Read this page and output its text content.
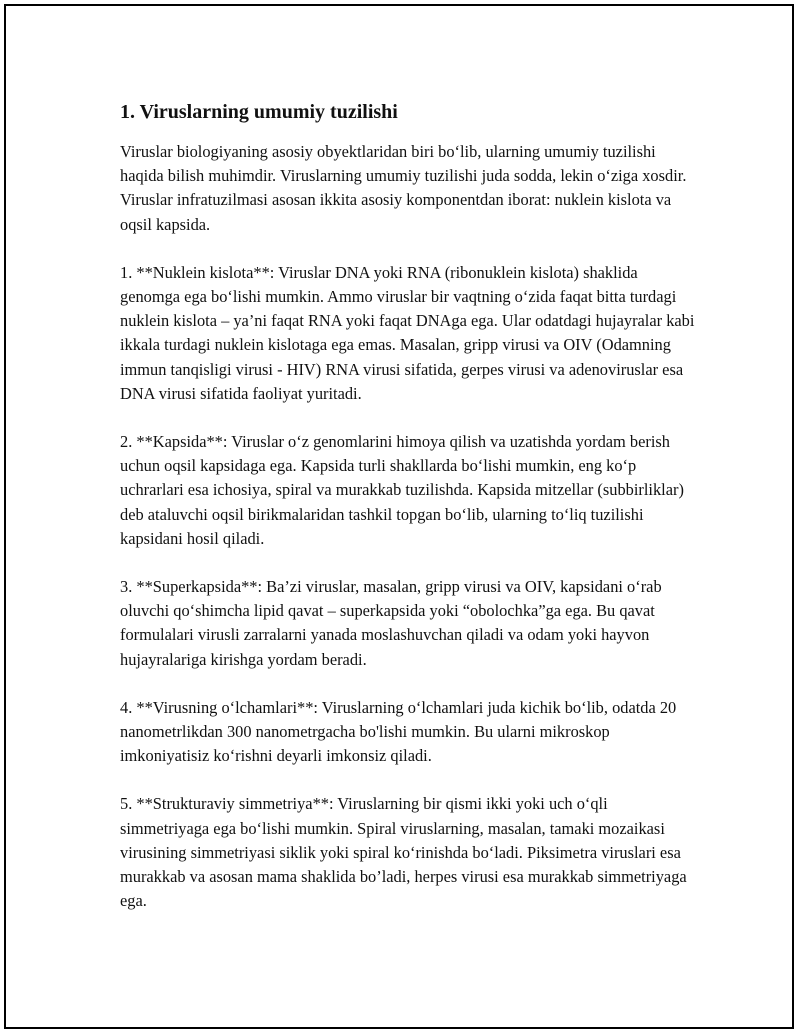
1. Viruslarning umumiy tuzilishi

Viruslar biologiyaning asosiy obyektlaridan biri boʻlib, ularning umumiy tuzilishi haqida bilish muhimdir. Viruslarning umumiy tuzilishi juda sodda, lekin oʻziga xosdir. Viruslar infratuzilmasi asosan ikkita asosiy komponentdan iborat: nuklein kislota va oqsil kapsida.

1. **Nuklein kislota**: Viruslar DNA yoki RNA (ribonuklein kislota) shaklida genomga ega boʻlishi mumkin. Ammo viruslar bir vaqtning oʻzida faqat bitta turdagi nuklein kislota – ya’ni faqat RNA yoki faqat DNAga ega. Ular odatdagi hujayralar kabi ikkala turdagi nuklein kislotaga ega emas. Masalan, gripp virusi va OIV (Odamning immun tanqisligi virusi - HIV) RNA virusi sifatida, gerpes virusi va adenoviruslar esa DNA virusi sifatida faoliyat yuritadi.

2. **Kapsida**: Viruslar oʻz genomlarini himoya qilish va uzatishda yordam berish uchun oqsil kapsidaga ega. Kapsida turli shakllarda boʻlishi mumkin, eng koʻp uchrarlari esa ichosiya, spiral va murakkab tuzilishda. Kapsida mitzellar (subbirliklar) deb ataluvchi oqsil birikmalaridan tashkil topgan boʻlib, ularning toʻliq tuzilishi kapsidani hosil qiladi.

3. **Superkapsida**: Ba’zi viruslar, masalan, gripp virusi va OIV, kapsidani oʻrab oluvchi qoʻshimcha lipid qavat – superkapsida yoki “obolochka”ga ega. Bu qavat formulalari virusli zarralarni yanada moslashuvchan qiladi va odam yoki hayvon hujayralariga kirishga yordam beradi.

4. **Virusning oʻlchamlari**: Viruslarning oʻlchamlari juda kichik boʻlib, odatda 20 nanometrlikdan 300 nanometrgacha bo'lishi mumkin. Bu ularni mikroskop imkoniyatisiz koʻrishni deyarli imkonsiz qiladi.

5. **Strukturaviy simmetriya**: Viruslarning bir qismi ikki yoki uch oʻqli simmetriyaga ega boʻlishi mumkin. Spiral viruslarning, masalan, tamaki mozaikasi virusining simmetriyasi siklik yoki spiral koʻrinishda boʻladi. Piksimetra viruslari esa murakkab va asosan mama shaklida bo’ladi, herpes virusi esa murakkab simmetriyaga ega.
